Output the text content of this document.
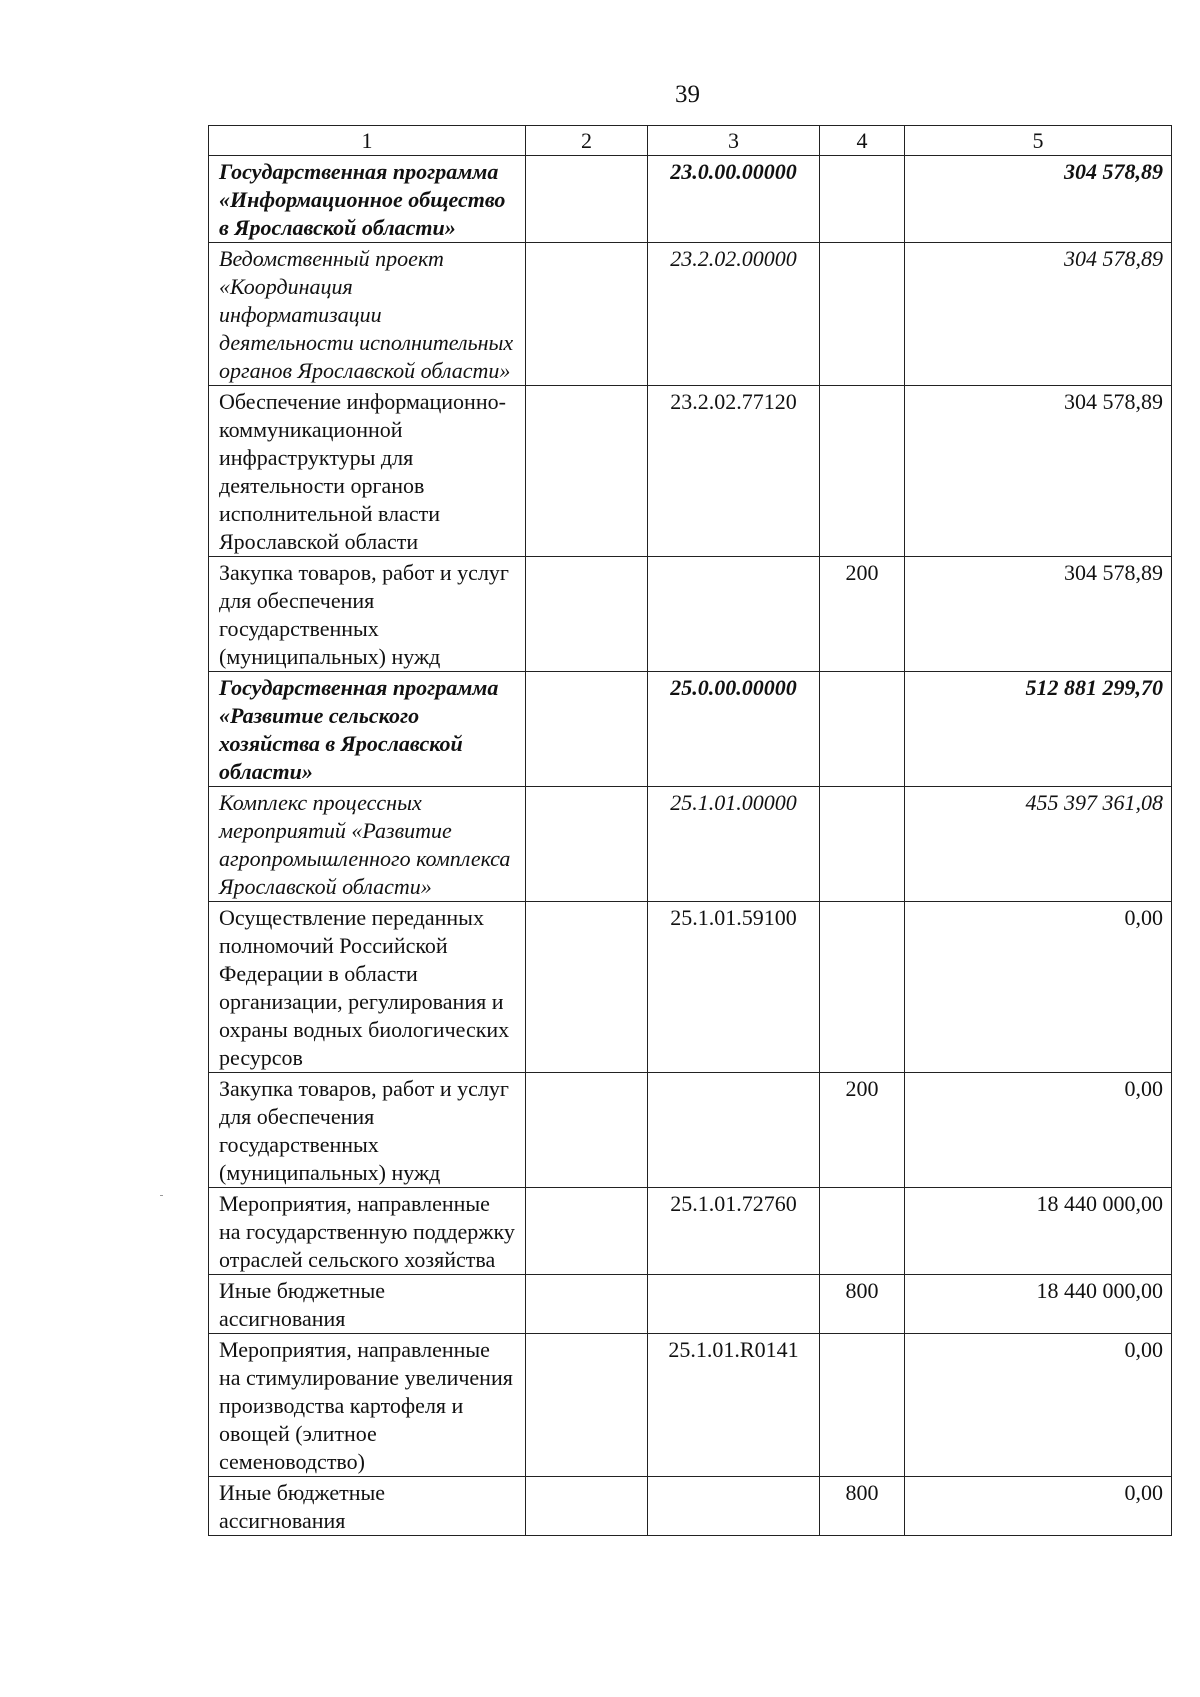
39
1	2	3	4	5
Государственная программа «Информационное общество в Ярославской области»		23.0.00.00000		304 578,89
Ведомственный проект «Координация информатизации деятельности исполнительных органов Ярославской области»		23.2.02.00000		304 578,89
Обеспечение информационно-коммуникационной инфраструктуры для деятельности органов исполнительной власти Ярославской области		23.2.02.77120		304 578,89
Закупка товаров, работ и услуг для обеспечения государственных (муниципальных) нужд			200	304 578,89
Государственная программа «Развитие сельского хозяйства в Ярославской области»		25.0.00.00000		512 881 299,70
Комплекс процессных мероприятий «Развитие агропромышленного комплекса Ярославской области»		25.1.01.00000		455 397 361,08
Осуществление переданных полномочий Российской Федерации в области организации, регулирования и охраны водных биологических ресурсов		25.1.01.59100		0,00
Закупка товаров, работ и услуг для обеспечения государственных (муниципальных) нужд			200	0,00
Мероприятия, направленные на государственную поддержку отраслей сельского хозяйства		25.1.01.72760		18 440 000,00
Иные бюджетные ассигнования			800	18 440 000,00
Мероприятия, направленные на стимулирование увеличения производства картофеля и овощей (элитное семеноводство)		25.1.01.R0141		0,00
Иные бюджетные ассигнования			800	0,00
